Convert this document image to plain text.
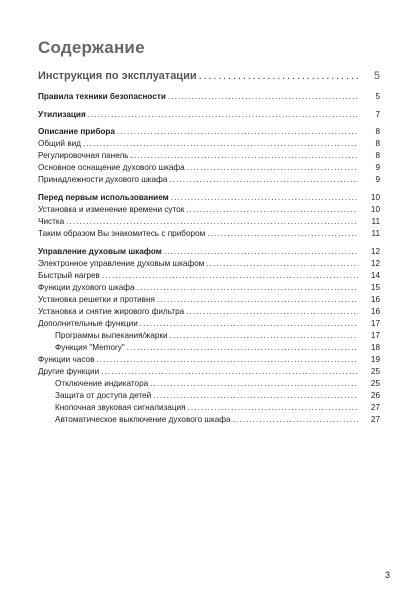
Содержание
Инструкция по эксплуатации . . .	5
Правила техники безопасности . . .	5
Утилизация . . .	7
Описание прибора . . .	8
Общий вид . . .	8
Регулировочная панель . . .	8
Основное оснащение духового шкафа . . .	9
Принадлежности духового шкафа . . .	9
Перед первым использованием . . .	10
Установка и изменение времени суток . . .	10
Чистка . . .	11
Таким образом Вы знакомитесь с прибором . . .	11
Управление духовым шкафом . . .	12
Электронное управление духовым шкафом . . .	12
Быстрый нагрев . . .	14
Функции духового шкафа . . .	15
Установка решетки и противня . . .	16
Установка и снятие жирового фильтра . . .	16
Дополнительные функции . . .	17
Программы выпекания/жарки . . .	17
Функция "Memory" . . .	18
Функции часов . . .	19
Другие функции . . .	25
Отключение индикатора . . .	25
Защита от доступа детей . . .	26
Кнопочная звуковая сигнализация . . .	27
Автоматическое выключение духового шкафа . . .	27
3
